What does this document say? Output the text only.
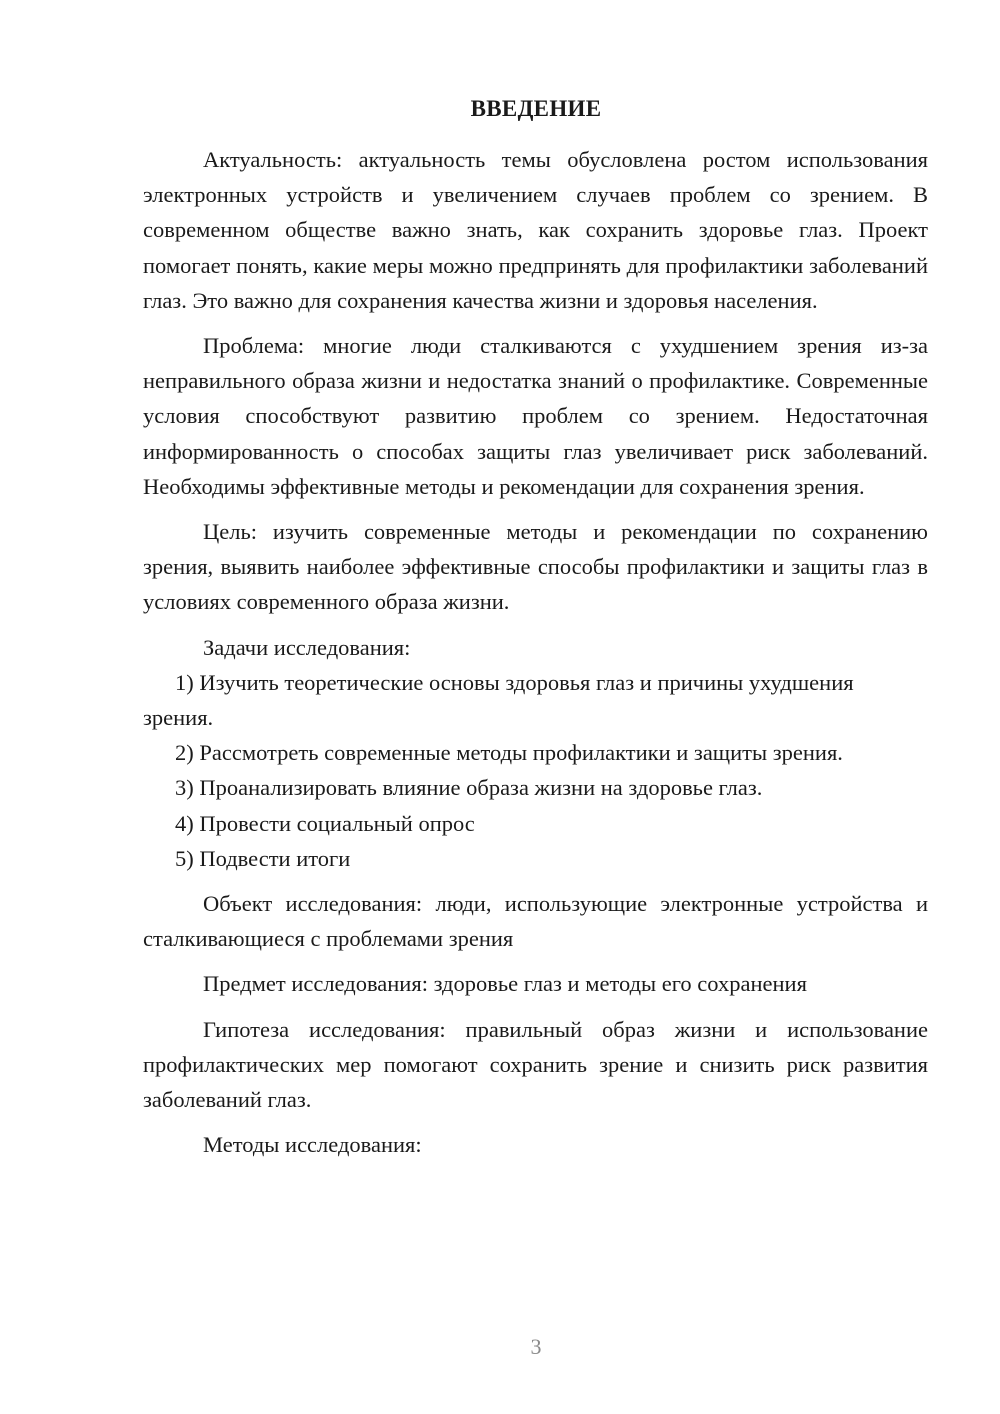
ВВЕДЕНИЕ

Актуальность: актуальность темы обусловлена ростом использования электронных устройств и увеличением случаев проблем со зрением. В современном обществе важно знать, как сохранить здоровье глаз. Проект помогает понять, какие меры можно предпринять для профилактики заболеваний глаз. Это важно для сохранения качества жизни и здоровья населения.

Проблема: многие люди сталкиваются с ухудшением зрения из-за неправильного образа жизни и недостатка знаний о профилактике. Современные условия способствуют развитию проблем со зрением. Недостаточная информированность о способах защиты глаз увеличивает риск заболеваний. Необходимы эффективные методы и рекомендации для сохранения зрения.

Цель: изучить современные методы и рекомендации по сохранению зрения, выявить наиболее эффективные способы профилактики и защиты глаз в условиях современного образа жизни.

Задачи исследования:

1) Изучить теоретические основы здоровья глаз и причины ухудшения зрения.

2) Рассмотреть современные методы профилактики и защиты зрения.

3) Проанализировать влияние образа жизни на здоровье глаз.

4) Провести социальный опрос

5) Подвести итоги

Объект исследования: люди, использующие электронные устройства и сталкивающиеся с проблемами зрения

Предмет исследования: здоровье глаз и методы его сохранения

Гипотеза исследования: правильный образ жизни и использование профилактических мер помогают сохранить зрение и снизить риск развития заболеваний глаз.

Методы исследования:

3
